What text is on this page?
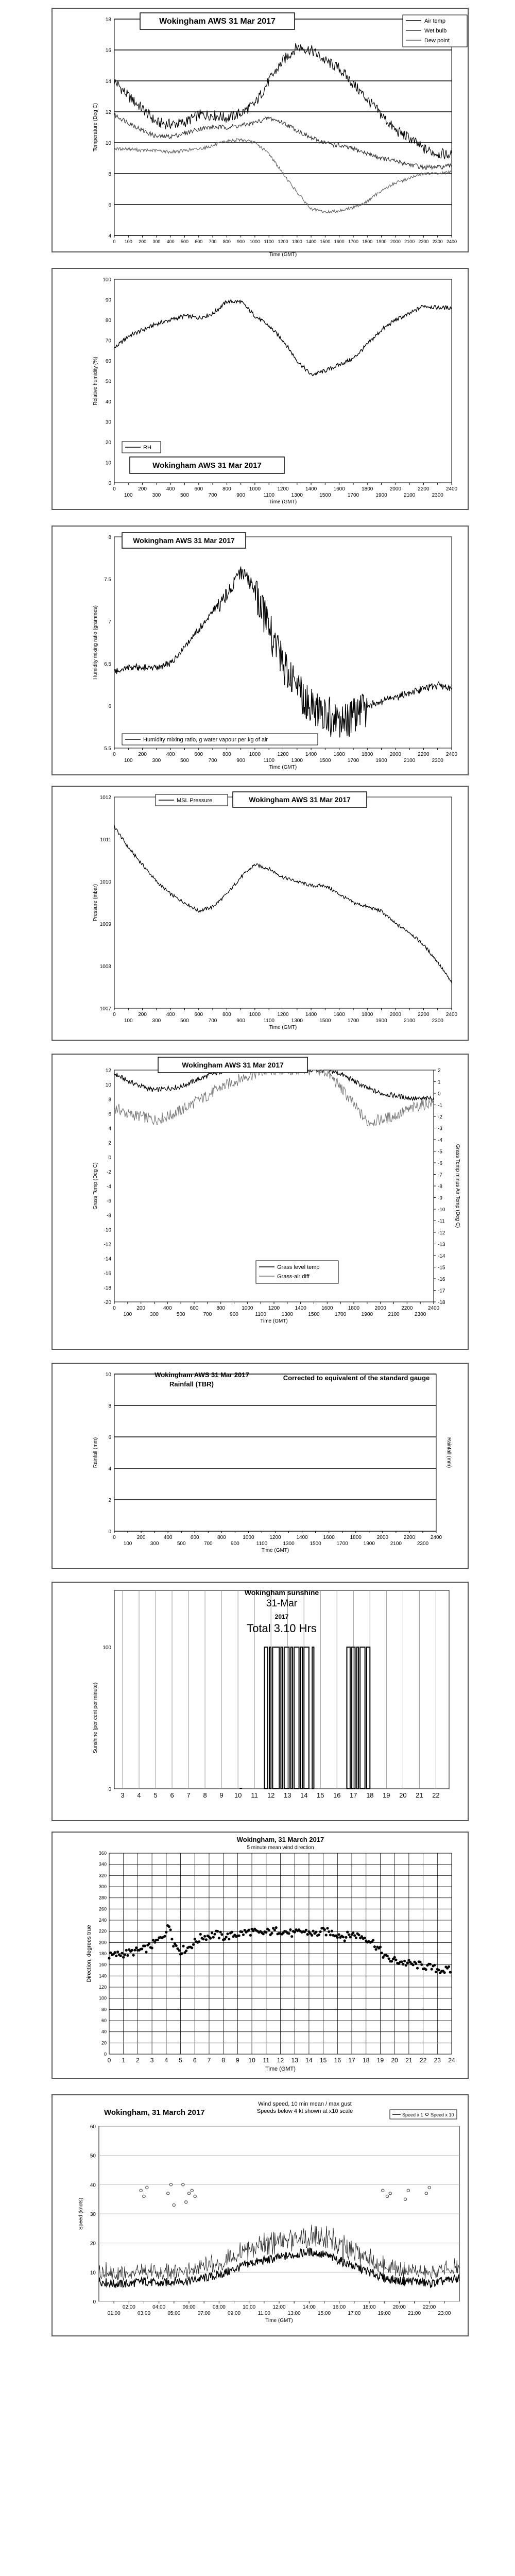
4
6
8
10
12
14
16
18
Temperature (Deg C)
Time (GMT)
0 100 200 300 400 500 600 700 800 900 1000 1100 1200 1300 1400 1500 1600 1700 1800 1900 2000 2100 2200 2300 2400
Wokingham AWS 31 Mar 2017	Air temp
Wet bulb
Dew point
0
10
20
30
40
50
60
70
80
90
100
Relative humidity (%)
Time (GMT)
0	200	400	600	800	1000	1200	1400	1600	1800	2000	2200	2400
100	300	500	700	900	1100	1300	1500	1700	1900	2100	2300
RH
Wokingham AWS 31 Mar 2017
5.5
6
6.5
7
7.5
8
Humidity mixing ratio (grammes)
Time (GMT)
0	200	400	600	800	1000	1200	1400	1600	1800	2000	2200	2400
100	300	500	700	900	1100	1300	1500	1700	1900	2100	2300
Wokingham AWS 31 Mar 2017
Humidity mixing ratio, g water vapour per kg of air
1007
1008
1009
1010
1011
1012
Pressure (mbar)
Time (GMT)
0	200	400	600	800	1000	1200	1400	1600	1800	2000	2200	2400
100	300	500	700	900	1100	1300	1500	1700	1900	2100	2300
MSL Pressure	Wokingham AWS 31 Mar 2017
12
10
8
6
4
2
0
-2
-4
-6
-8
-10
-12
-14
-16
-18
-20
Grass Temp (Deg C)
Time (GMT)
0	200	400	600	800	1000	1200	1400	1600	1800	2000	2200	2400
100	300	500	700	900	1100	1300	1500	1700	1900	2100	2300
2
1
0
-1
-2
-3
-4
-5
-6
-7
-8
-9
-10
-11
-12
-13
-14
-15
-16
-17
-18
Grass Temp minus Air Temp (Deg C)
Wokingham AWS 31 Mar 2017
Grass level temp
Grass-air diff
0
2
4
6
8
10
Rainfall (mm)
Time (GMT)
0	200	400	600	800	1000	1200	1400	1600	1800	2000	2200	2400
100	300	500	700	900	1100	1300	1500	1700	1900	2100	2300
Rainfall (mm)
Wokingham AWS 31 Mar 2017
Rainfall (TBR)
Corrected to equivalent of the standard gauge
3 4 5 6 7 8 9 10 11 12 13 14 15 16 17 18 19 20 21 22
0
100
Sunshine (per cent per minute)
Wokingham sunshine
31-Mar
2017
Total 3.10 Hrs
0 1 2 3 4 5 6 7 8 9 10 11 12 13 14 15 16 17 18 19 20 21 22 23 24
0
20
40
60
80
100
120
140
160
180
200
220
240
260
280
300
320
340
360
Direction, degrees true
Time (GMT)
Wokingham, 31 March 2017
5 minute mean wind direction
0
10
20
30
40
50
60
02:00	04:00	06:00	08:00	10:00	12:00	14:00	16:00	18:00	20:00	22:00
01:00	03:00	05:00	07:00	09:00	11:00	13:00	15:00	17:00	19:00	21:00	23:00
Speed (knots)
Time (GMT)
Wokingham, 31 March 2017
Wind speed, 10 min mean / max gust
Speeds below 4 kt shown at x10 scale
Speed x 1 Speed x 10
